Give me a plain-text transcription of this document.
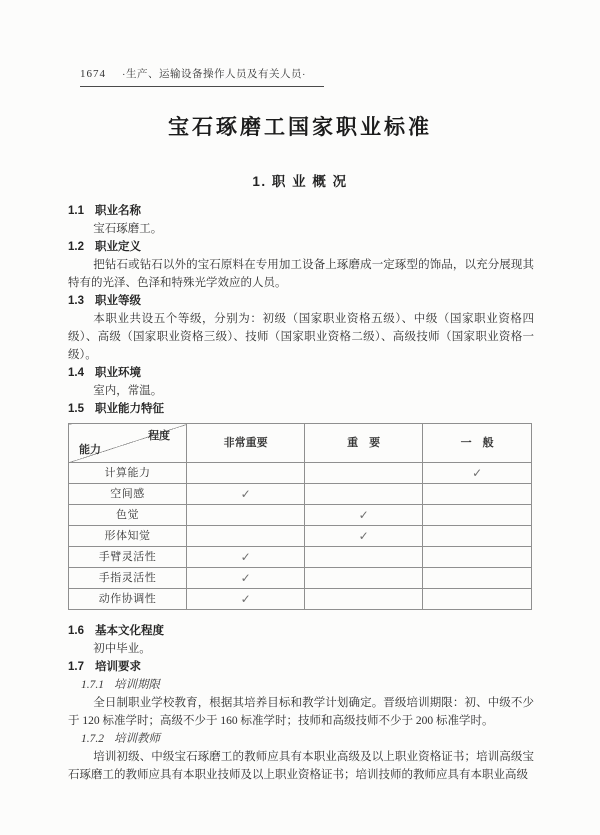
1674 ·生产、运输设备操作人员及有关人员·
宝石琢磨工国家职业标准
1. 职 业 概 况
1.1 职业名称
宝石琢磨工。
1.2 职业定义
把钻石或钻石以外的宝石原料在专用加工设备上琢磨成一定琢型的饰品，以充分展现其特有的光泽、色泽和特殊光学效应的人员。
1.3 职业等级
本职业共设五个等级，分别为：初级（国家职业资格五级）、中级（国家职业资格四级）、高级（国家职业资格三级）、技师（国家职业资格二级）、高级技师（国家职业资格一级）。
1.4 职业环境
室内，常温。
1.5 职业能力特征
程度
能力	非常重要	重　要	一　般
计算能力			✓
空间感	✓		
色觉		✓	
形体知觉		✓	
手臂灵活性	✓		
手指灵活性	✓		
动作协调性	✓		
1.6 基本文化程度
初中毕业。
1.7 培训要求
1.7.1 培训期限
全日制职业学校教育，根据其培养目标和教学计划确定。晋级培训期限：初、中级不少于 120 标准学时；高级不少于 160 标准学时；技师和高级技师不少于 200 标准学时。
1.7.2 培训教师
培训初级、中级宝石琢磨工的教师应具有本职业高级及以上职业资格证书；培训高级宝石琢磨工的教师应具有本职业技师及以上职业资格证书；培训技师的教师应具有本职业高级
